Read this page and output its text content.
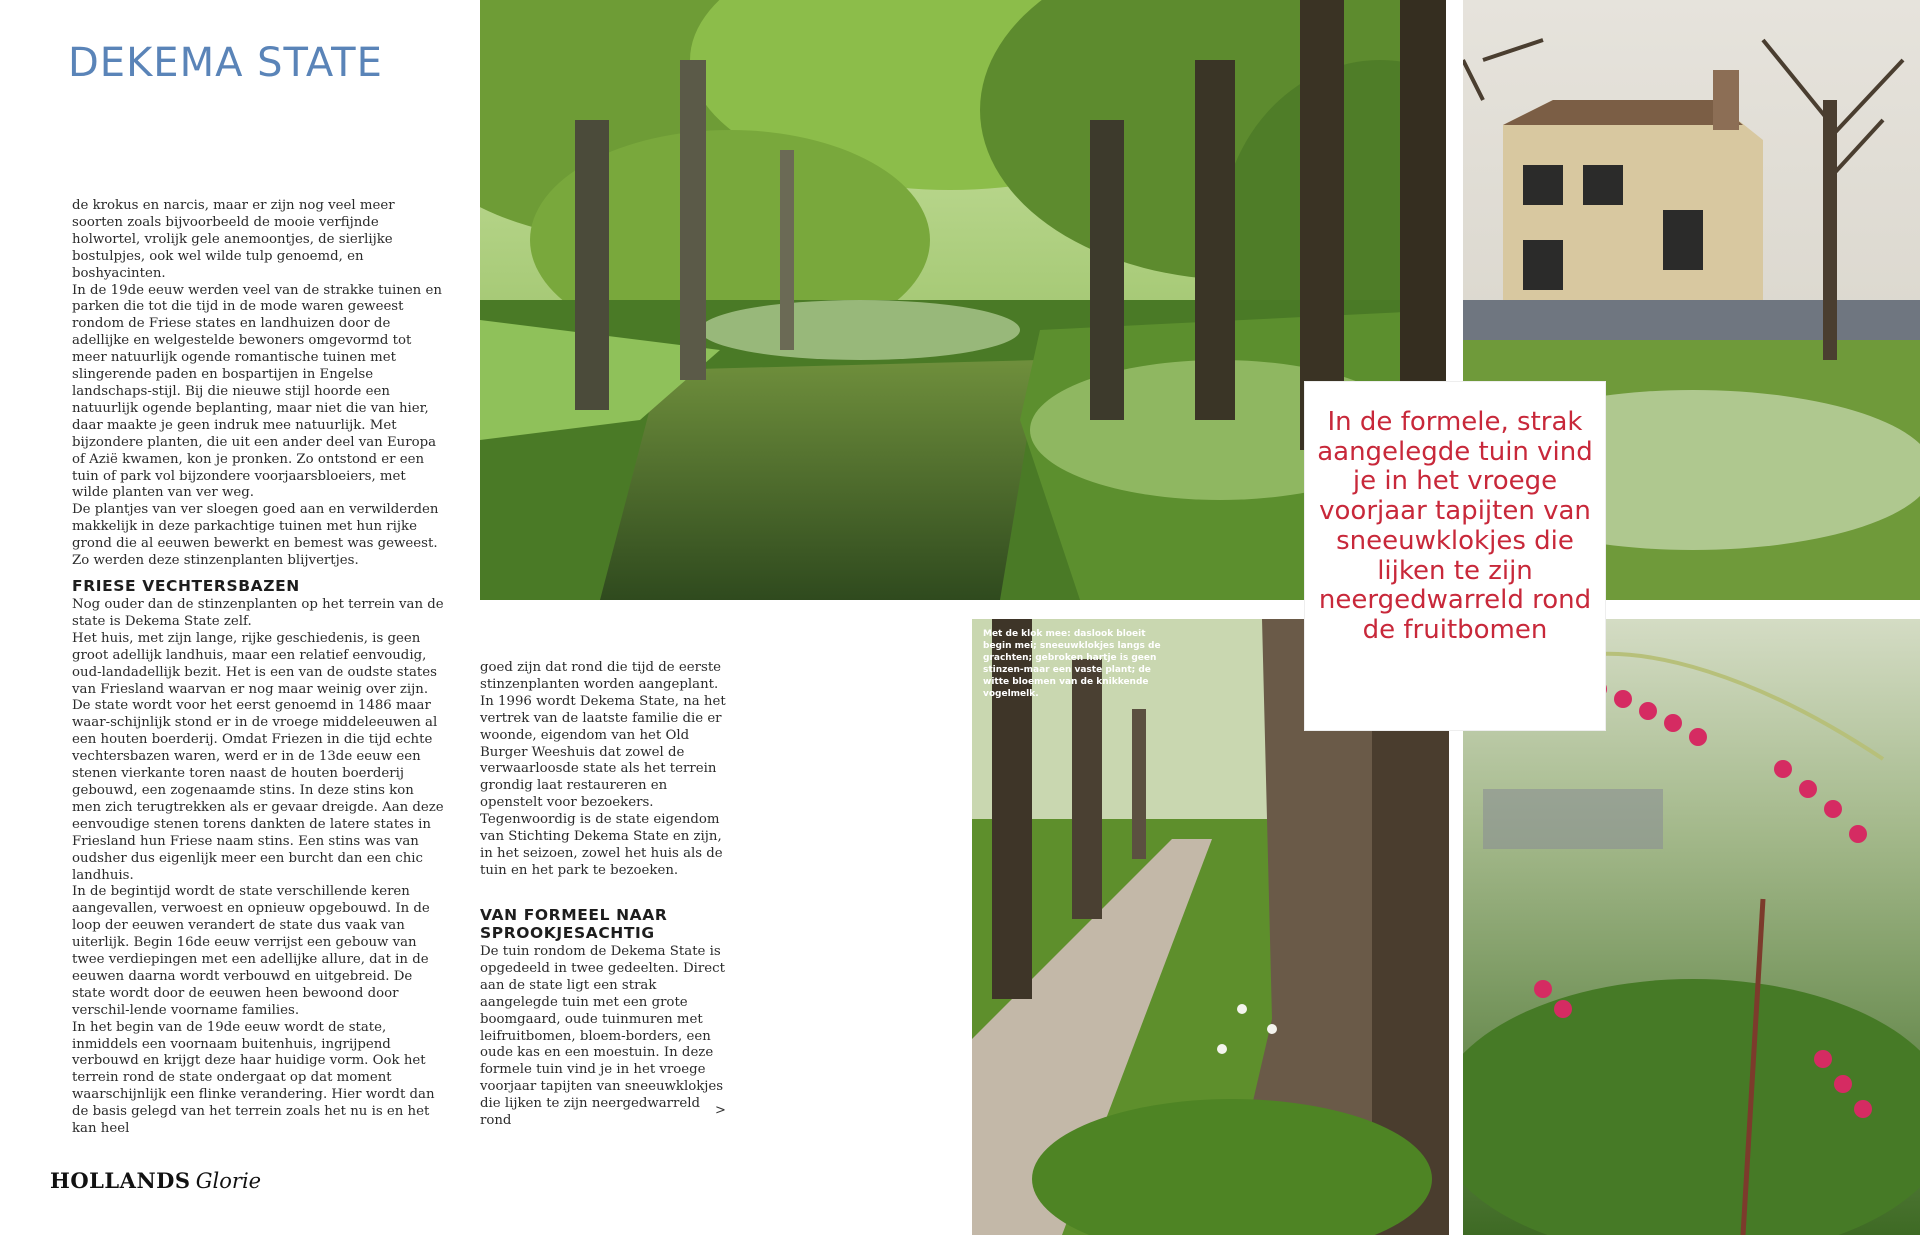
DEKEMA STATE

de krokus en narcis, maar er zijn nog veel meer soorten zoals bijvoorbeeld de mooie verfijnde holwortel, vrolijk gele anemoontjes, de sierlijke bostulpjes, ook wel wilde tulp genoemd, en boshyacinten.

In de 19de eeuw werden veel van de strakke tuinen en parken die tot die tijd in de mode waren geweest rondom de Friese states en landhuizen door de adellijke en welgestelde bewoners omgevormd tot meer natuurlijk ogende romantische tuinen met slingerende paden en bospartijen in Engelse landschaps-stijl. Bij die nieuwe stijl hoorde een natuurlijk ogende beplanting, maar niet die van hier, daar maakte je geen indruk mee natuurlijk. Met bijzondere planten, die uit een ander deel van Europa of Azië kwamen, kon je pronken. Zo ontstond er een tuin of park vol bijzondere voorjaarsbloeiers, met wilde planten van ver weg.

De plantjes van ver sloegen goed aan en verwilderden makkelijk in deze parkachtige tuinen met hun rijke grond die al eeuwen bewerkt en bemest was geweest. Zo werden deze stinzenplanten blijvertjes.

FRIESE VECHTERSBAZEN

Nog ouder dan de stinzenplanten op het terrein van de state is Dekema State zelf.

Het huis, met zijn lange, rijke geschiedenis, is geen groot adellijk landhuis, maar een relatief eenvoudig, oud-landadellijk bezit. Het is een van de oudste states van Friesland waarvan er nog maar weinig over zijn.

De state wordt voor het eerst genoemd in 1486 maar waar-schijnlijk stond er in de vroege middeleeuwen al een houten boerderij. Omdat Friezen in die tijd echte vechtersbazen waren, werd er in de 13de eeuw een stenen vierkante toren naast de houten boerderij gebouwd, een zogenaamde stins. In deze stins kon men zich terugtrekken als er gevaar dreigde. Aan deze eenvoudige stenen torens dankten de latere states in Friesland hun Friese naam stins. Een stins was van oudsher dus eigenlijk meer een burcht dan een chic landhuis.

In de begintijd wordt de state verschillende keren aangevallen, verwoest en opnieuw opgebouwd. In de loop der eeuwen verandert de state dus vaak van uiterlijk. Begin 16de eeuw verrijst een gebouw van twee verdiepingen met een adellijke allure, dat in de eeuwen daarna wordt verbouwd en uitgebreid. De state wordt door de eeuwen heen bewoond door verschil-lende voorname families.

In het begin van de 19de eeuw wordt de state, inmiddels een voornaam buitenhuis, ingrijpend verbouwd en krijgt deze haar huidige vorm. Ook het terrein rond de state ondergaat op dat moment waarschijnlijk een flinke verandering. Hier wordt dan de basis gelegd van het terrein zoals het nu is en het kan heel

goed zijn dat rond die tijd de eerste stinzenplanten worden aangeplant.

In 1996 wordt Dekema State, na het vertrek van de laatste familie die er woonde, eigendom van het Old Burger Weeshuis dat zowel de verwaarloosde state als het terrein grondig laat restaureren en openstelt voor bezoekers. Tegenwoordig is de state eigendom van Stichting Dekema State en zijn, in het seizoen, zowel het huis als de tuin en het park te bezoeken.

VAN FORMEEL NAAR SPROOKJESACHTIG

De tuin rondom de Dekema State is opgedeeld in twee gedeelten. Direct aan de state ligt een strak aangelegde tuin met een grote boomgaard, oude tuinmuren met leifruitbomen, bloem-borders, een oude kas en een moestuin. In deze formele tuin vind je in het vroege voorjaar tapijten van sneeuwklokjes die lijken te zijn neergedwarreld rond

>
HOLLANDS Glorie
Met de klok mee: daslook bloeit begin mei; sneeuwklokjes langs de grachten; gebroken hartje is geen stinzen-maar een vaste plant; de witte bloemen van de knikkende vogelmelk.
In de formele, strak aangelegde tuin vind je in het vroege voorjaar tapijten van sneeuwklokjes die lijken te zijn neergedwarreld rond de fruitbomen
